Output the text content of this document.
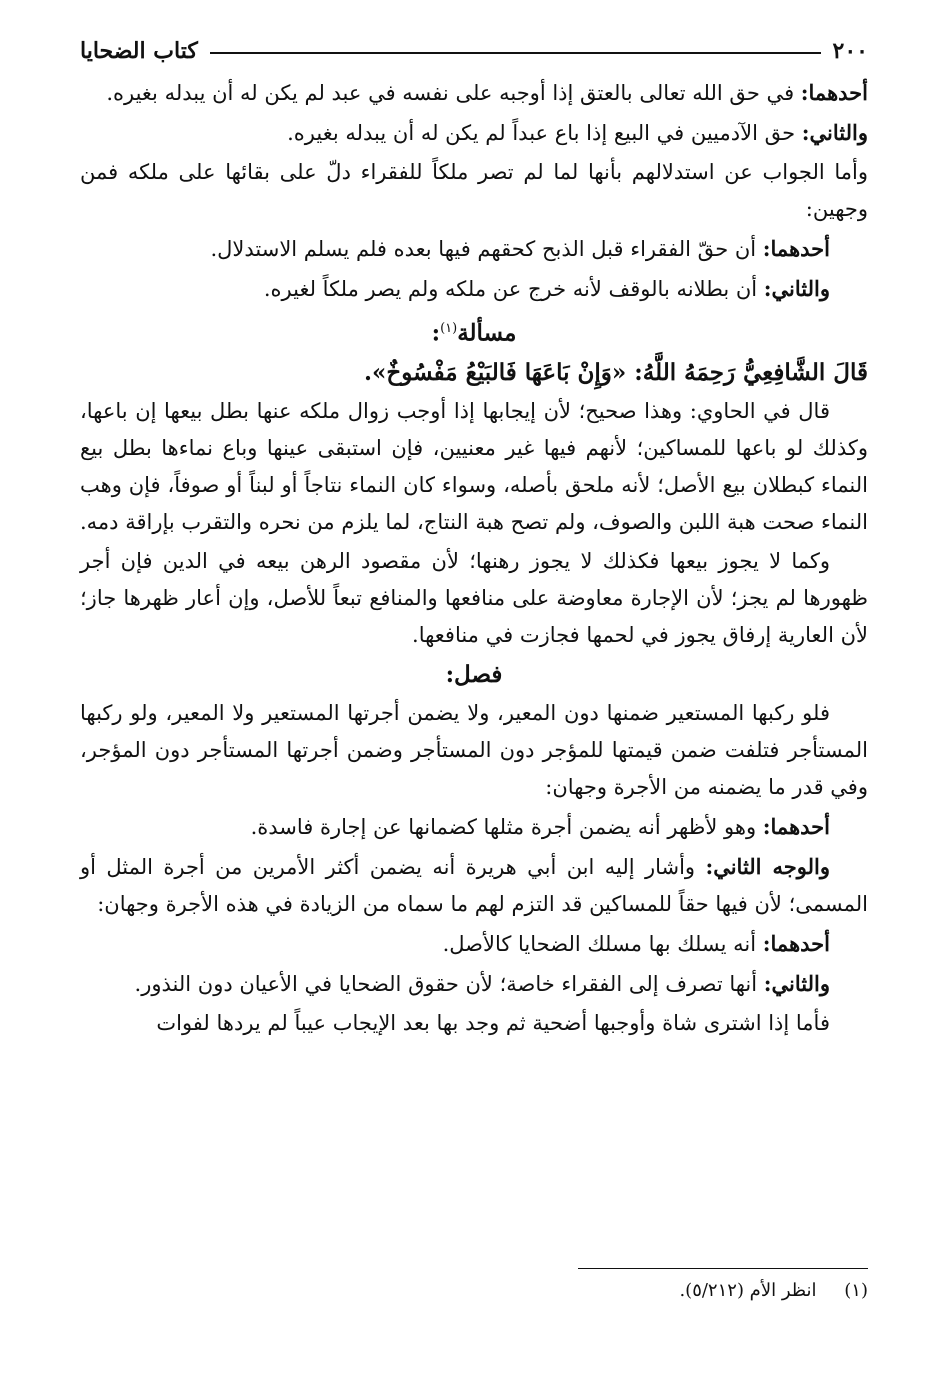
٢٠٠
كتاب الضحايا

أحدهما: في حق الله تعالى بالعتق إذا أوجبه على نفسه في عبد لم يكن له أن يبدله بغيره.

والثاني: حق الآدميين في البيع إذا باع عبداً لم يكن له أن يبدله بغيره.

وأما الجواب عن استدلالهم بأنها لما لم تصر ملكاً للفقراء دلّ على بقائها على ملكه فمن وجهين:

أحدهما: أن حقّ الفقراء قبل الذبح كحقهم فيها بعده فلم يسلم الاستدلال.

والثاني: أن بطلانه بالوقف لأنه خرج عن ملكه ولم يصر ملكاً لغيره.

مسألة$^{(١)}$:

قَالَ الشَّافِعِيُّ رَحِمَهُ اللَّهُ: «وَإِنْ بَاعَهَا فَالبَيْعُ مَفْسُوخٌ».

قال في الحاوي: وهذا صحيح؛ لأن إيجابها إذا أوجب زوال ملكه عنها بطل بيعها إن باعها، وكذلك لو باعها للمساكين؛ لأنهم فيها غير معنيين، فإن استبقى عينها وباع نماءها بطل بيع النماء كبطلان بيع الأصل؛ لأنه ملحق بأصله، وسواء كان النماء نتاجاً أو لبناً أو صوفاً، فإن وهب النماء صحت هبة اللبن والصوف، ولم تصح هبة النتاج، لما يلزم من نحره والتقرب بإراقة دمه.

وكما لا يجوز بيعها فكذلك لا يجوز رهنها؛ لأن مقصود الرهن بيعه في الدين فإن أجر ظهورها لم يجز؛ لأن الإجارة معاوضة على منافعها والمنافع تبعاً للأصل، وإن أعار ظهرها جاز؛ لأن العارية إرفاق يجوز في لحمها فجازت في منافعها.

فصل:

فلو ركبها المستعير ضمنها دون المعير، ولا يضمن أجرتها المستعير ولا المعير، ولو ركبها المستأجر فتلفت ضمن قيمتها للمؤجر دون المستأجر وضمن أجرتها المستأجر دون المؤجر، وفي قدر ما يضمنه من الأجرة وجهان:

أحدهما: وهو لأظهر أنه يضمن أجرة مثلها كضمانها عن إجارة فاسدة.

والوجه الثاني: وأشار إليه ابن أبي هريرة أنه يضمن أكثر الأمرين من أجرة المثل أو المسمى؛ لأن فيها حقاً للمساكين قد التزم لهم ما سماه من الزيادة في هذه الأجرة وجهان:

أحدهما: أنه يسلك بها مسلك الضحايا كالأصل.

والثاني: أنها تصرف إلى الفقراء خاصة؛ لأن حقوق الضحايا في الأعيان دون النذور.

فأما إذا اشترى شاة وأوجبها أضحية ثم وجد بها بعد الإيجاب عيباً لم يردها لفوات

(١) انظر الأم (٥/٢١٢).
